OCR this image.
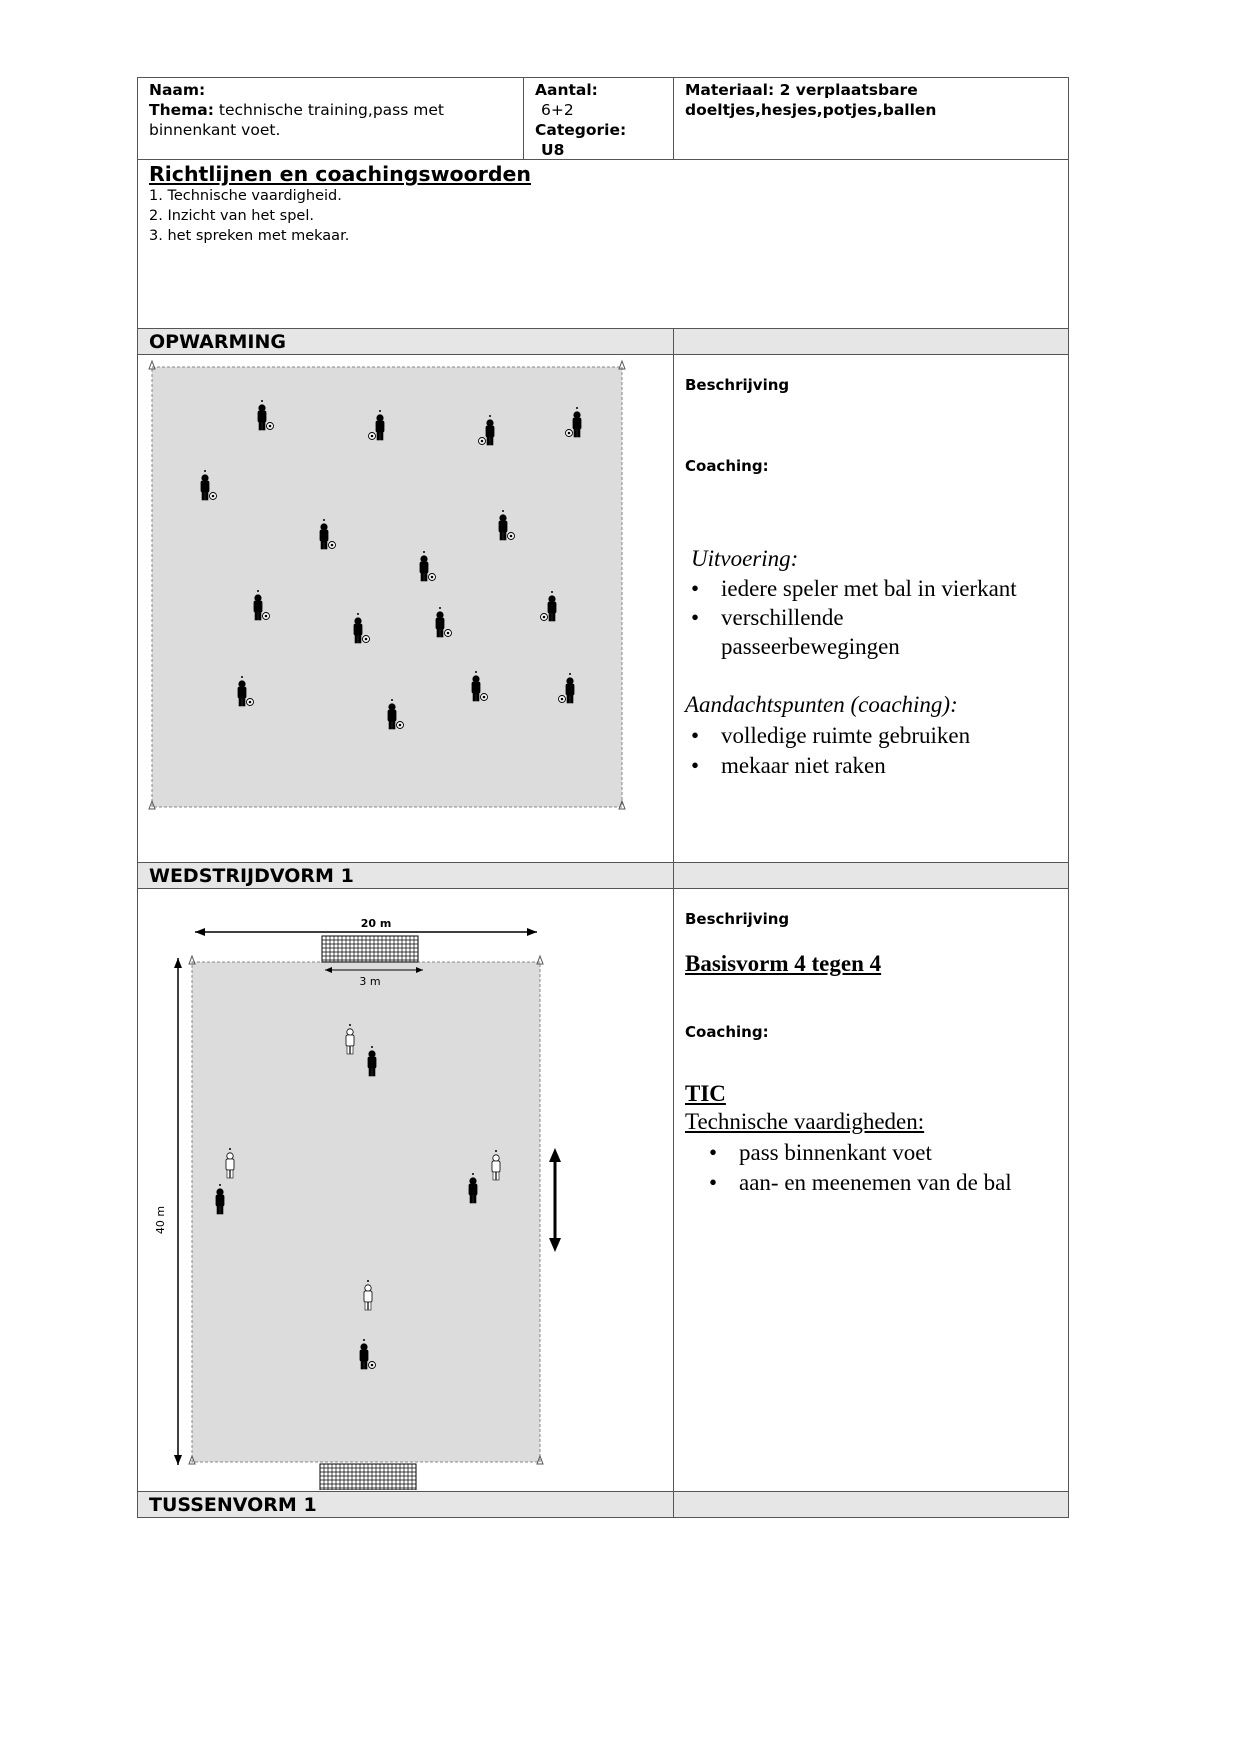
Naam:
Thema: technische training,pass met binnenkant voet.
Aantal:
6+2
Categorie:
U8
Materiaal: 2 verplaatsbare doeltjes,hesjes,potjes,ballen
Richtlijnen en coachingswoorden
1. Technische vaardigheid.
2. Inzicht van het spel.
3. het spreken met mekaar.
OPWARMING
Beschrijving
Coaching:
Uitvoering:
• iedere speler met bal in vierkant
• verschillende passeerbewegingen
Aandachtspunten (coaching):
• volledige ruimte gebruiken
• mekaar niet raken
WEDSTRIJDVORM 1
20 m
3 m
40 m
Beschrijving
Basisvorm 4 tegen 4
Coaching:
TIC
Technische vaardigheden:
• pass binnenkant voet
• aan- en meenemen van de bal
TUSSENVORM 1
